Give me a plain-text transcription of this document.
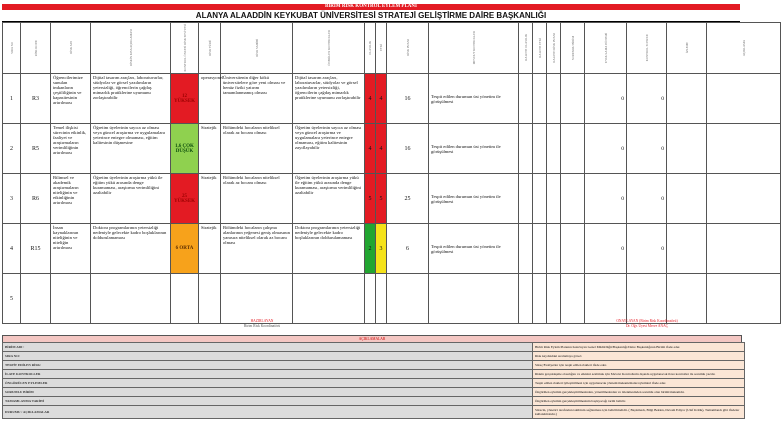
BİRİM RİSK KONTROL EYLEM PLANI
ALANYA ALAADDİN KEYKUBAT ÜNİVERSİTESİ STRATEJİ GELİŞTİRME DAİRE BAŞKANLIĞI
SIRA NO	RİSK KODU	RİSK ADI	RİSKİN KISA AÇIKLAMASI	KONTROL ÖNCESİ RİSK SEVİYESİ	RİSK TÜRÜ	RİSK SAHİBİ	ÖNERİLEN KONTROLLER	OLASILIK	ETKİ	RİSK PUANI	MEVCUT KONTROLLER	KALINTI OLASILIK	KALINTI ETKİ	KALINTI RİSK PUANI	SORUMLU BİRİM	UYGULAMA DÖNEMİ	KONTROL SONUCU	İZLEME	AÇIKLAMA
1	R3	Öğrencilerimize sunulan imkanların çeşitliliğinin ve kapasitesinin artırılması	Dijital tasarım araçları, laboratuvarlar, stüdyolar ve görsel yazılımların yetersizliği, öğrencilerin çağdaş mimarlık pratiklerine uyumunu zorlaştırabilir	12 YÜKSEK	operasyonel	Üniversitenin diğer kökü üniversitelere göre yeni olması ve henüz fiziki yatırım tamamlanmamış olması	Dijital tasarım araçları, laboratuvarlar, stüdyolar ve görsel yazılımların yetersizliği, öğrencilerin çağdaş mimarlık pratiklerine uyumunu zorlaştırabilir	4	4	16	Tespit edilen durumun üst yönetim ile görüşülmesi					0	0		
2	R5	Temel ilişkisi sürecinin etkinlik, faaliyet ve araştırmaların verimliliğinin artırılması	Öğretim üyelerinin sayıca az olması veya güncel araştırma ve uygulamalara yeterince entegre olmaması, eğitim kalitesinin düşmesine	1,6 ÇOK DÜŞÜK	Stratejik	Bölümdeki hocaların niteliksel olarak az bocanı olması	Öğretim üyelerinin sayıca az olması veya güncel araştırma ve uygulamalara yeterince entegre olmaması, eğitim kalitesinin zayıflayabilir	4	4	16	Tespit edilen durumun üst yönetim ile görüşülmesi					0	0		
3	R6	Bilimsel ve akademik araştırmaların niteliğinin ve etkinliğinin artırılması	Öğretim üyelerinin araştırma yükü ile eğitim yükü arasında denge kuramaması, araştırma verimliliğini azaltabilir	25 YÜKSEK	Stratejik	Bölümdeki hocaların niteliksel olarak az bocanı olması	Öğretim üyelerinin araştırma yükü ile eğitim yükü arasında denge kuramaması, araştırma verimliliğini azaltabilir	5	5	25	Tespit edilen durumun üst yönetim ile görüşülmesi					0	0		
4	R15	İnsan kaynaklarının niteliğinin ve niteliğin artırılması	Doktora programlarının yetersizliği nedeniyle gelecekte kadro boşluklarının doldurulamaması	6 ORTA	Stratejik	Bölümdeki hocaların çalışma alanlarının yeğenesi geniş olmasının yanısıra niteliksel olarak az bocanı olması	Doktora programlarının yetersizliği nedeniyle gelecekte kadro boşluklarının doldurulamaması	2	3	6	Tespit edilen durumun üst yönetim ile görüşülmesi					0	0		
5																			
HAZIRLAYAN
Birim Risk Koordinatörü
ONAYLAYAN (Birim Risk Koordinatörü)
Dr. Öğr. Üyesi Merve ANAÇ
AÇIKLAMALAR
BİRİM ADI :	Birim Risk Eylem Planının hazırlayan Genel Müdürlüğü/Başkanlığı/Daire Başkanlığının Birimi ifade eder.
SIRA NO:	Risk kaydındaki sıralamaya göre/r.
TESPİT EDİLEN RİSK:	Süreç/Faaliyetler için tespit edilen riskleri ifade eder.
İLAVE KONTROLLER	Riskin gerçekleşme olasılığını ve etkisini azaltmak için Mevcut Kontrollerin dışında uygulanacak ilave kontroller ile sorumlu yazılır.
ÖNGÖRÜLEN EYLEMLER	Tespit edilen riskleri iyileştirilmesi için uygulanacak yöntem/mekanizmalar/eylemleri ifade eder.
SORUMLU BİRİM	Öngörülen eylemin gerçekleştirilmesinden, yönetilmesinden ve izlenmesinden sorumlu olan birimi/makamdır.
TAMAMLANMA TARİHİ	Öngörülen eylemin gerçekleştirilmesinin başlayacağı tarihi belirtir.
DURUMU / AÇIKLAMALAR	Sürecin, yönetici tarafından takibinin sağlanması için belirtilmelidir. ( Başlamadı, Bilgi Beklen, Devam Ediyor (Ulaf Kritik), Tamamlandı gibi ifadeler kullanılmalıdır.)
